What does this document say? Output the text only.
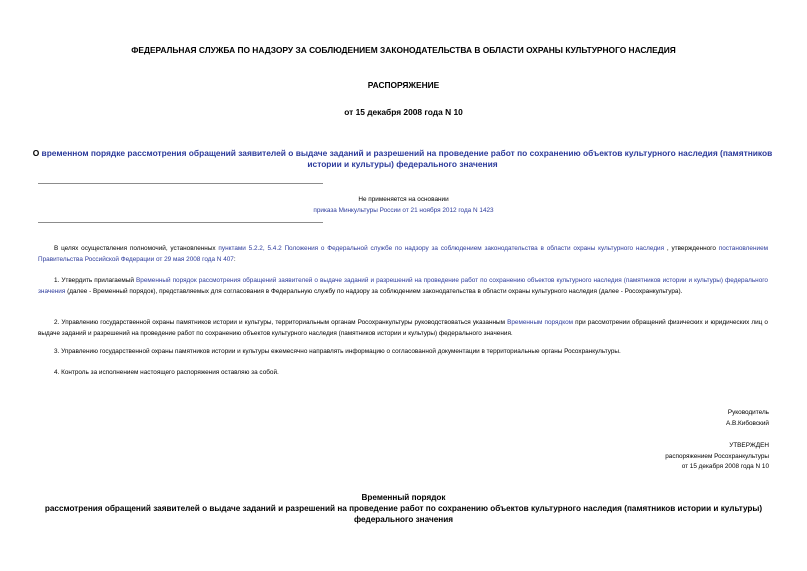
ФЕДЕРАЛЬНАЯ СЛУЖБА ПО НАДЗОРУ ЗА СОБЛЮДЕНИЕМ ЗАКОНОДАТЕЛЬСТВА В ОБЛАСТИ ОХРАНЫ КУЛЬТУРНОГО НАСЛЕДИЯ
РАСПОРЯЖЕНИЕ
от 15 декабря 2008 года N 10
О временном порядке рассмотрения обращений заявителей о выдаче заданий и разрешений на проведение работ по сохранению объектов культурного наследия (памятников истории и культуры) федерального значения
Не применяется на основании
приказа Минкультуры России от 21 ноября 2012 года N 1423
В целях осуществления полномочий, установленных пунктами 5.2.2, 5.4.2 Положения о Федеральной службе по надзору за соблюдением законодательства в области охраны культурного наследия , утвержденного постановлением Правительства Российской Федерации от 29 мая 2008 года N 407:
1. Утвердить прилагаемый Временный порядок рассмотрения обращений заявителей о выдаче заданий и разрешений на проведение работ по сохранению объектов культурного наследия (памятников истории и культуры) федерального значения (далее - Временный порядок), представляемых для согласования в Федеральную службу по надзору за соблюдением законодательства в области охраны культурного наследия (далее - Росохранкультура).
2. Управлению государственной охраны памятников истории и культуры, территориальным органам Росохранкультуры руководствоваться указанным Временным порядком при рассмотрении обращений физических и юридических лиц о выдаче заданий и разрешений на проведение работ по сохранению объектов культурного наследия (памятников истории и культуры) федерального значения.
3. Управлению государственной охраны памятников истории и культуры ежемесячно направлять информацию о согласованной документации в территориальные органы Росохранкультуры.
4. Контроль за исполнением настоящего распоряжения оставляю за собой.
Руководитель
А.В.Кибовский
УТВЕРЖДЕН
распоряжением Росохранкультуры
от 15 декабря 2008 года N 10
Временный порядок
рассмотрения обращений заявителей о выдаче заданий и разрешений на проведение работ по сохранению объектов культурного наследия (памятников истории и культуры) федерального значения
